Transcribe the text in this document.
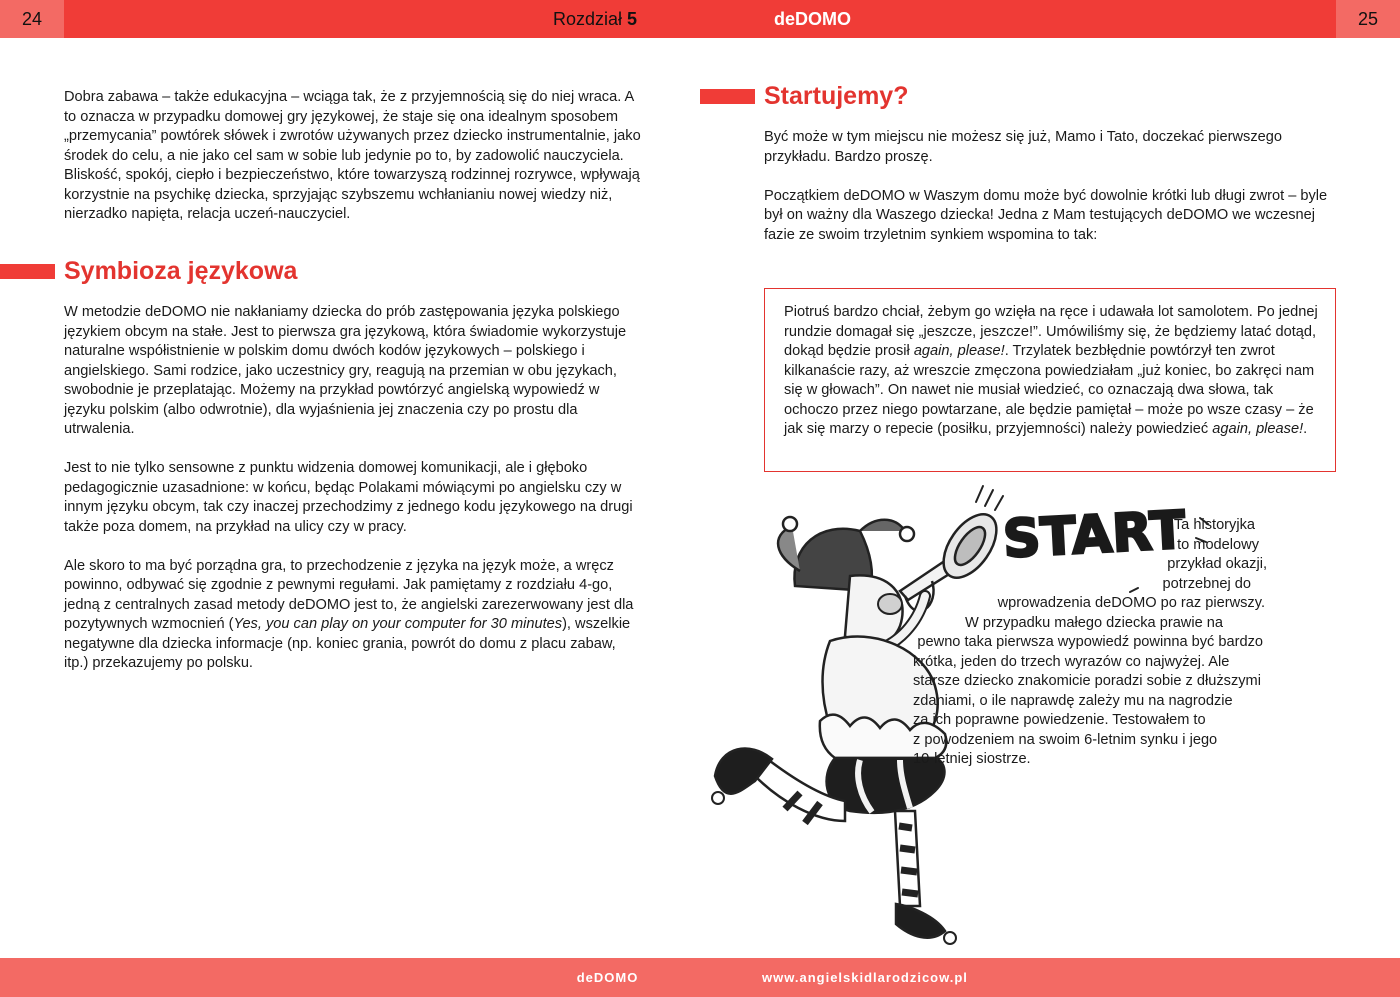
24	25
Rozdział 5	deDOMO

Dobra zabawa – także edukacyjna – wciąga tak, że z przyjemnością się do niej wraca. A to oznacza w przypadku domowej gry językowej, że staje się ona idealnym sposobem „przemycania” powtórek słówek i zwrotów używanych przez dziecko instrumentalnie, jako środek do celu, a nie jako cel sam w sobie lub jedynie po to, by zadowolić nauczyciela. Bliskość, spokój, ciepło i bezpieczeństwo, które towarzyszą rodzinnej rozrywce, wpływają korzystnie na psychikę dziecka, sprzyjając szybszemu wchłanianiu nowej wiedzy niż, nierzadko napięta, relacja uczeń-nauczyciel.

Symbioza językowa

W metodzie deDOMO nie nakłaniamy dziecka do prób zastępowania języka polskiego językiem obcym na stałe. Jest to pierwsza gra językową, która świadomie wykorzystuje naturalne współistnienie w polskim domu dwóch kodów językowych – polskiego i angielskiego. Sami rodzice, jako uczestnicy gry, reagują na przemian w obu językach, swobodnie je przeplatając. Możemy na przykład powtórzyć angielską wypowiedź w języku polskim (albo odwrotnie), dla wyjaśnienia jej znaczenia czy po prostu dla utrwalenia.

Jest to nie tylko sensowne z punktu widzenia domowej komunikacji, ale i głęboko pedagogicznie uzasadnione: w końcu, będąc Polakami mówiącymi po angielsku czy w innym języku obcym, tak czy inaczej przechodzimy z jednego kodu językowego na drugi także poza domem, na przykład na ulicy czy w pracy.

Ale skoro to ma być porządna gra, to przechodzenie z języka na język może, a wręcz powinno, odbywać się zgodnie z pewnymi regułami. Jak pamiętamy z rozdziału 4-go, jedną z centralnych zasad metody deDOMO jest to, że angielski zarezerwowany jest dla pozytywnych wzmocnień (Yes, you can play on your computer for 30 minutes), wszelkie negatywne dla dziecka informacje (np. koniec grania, powrót do domu z placu zabaw, itp.) przekazujemy po polsku.

Startujemy?

Być może w tym miejscu nie możesz się już, Mamo i Tato, doczekać pierwszego przykładu. Bardzo proszę.

Początkiem deDOMO w Waszym domu może być dowolnie krótki lub długi zwrot – byle był on ważny dla Waszego dziecka! Jedna z Mam testujących deDOMO we wczesnej fazie ze swoim trzyletnim synkiem wspomina to tak:

Piotruś bardzo chciał, żebym go wzięła na ręce i udawała lot samolotem. Po jednej rundzie domagał się „jeszcze, jeszcze!”. Umówiliśmy się, że będziemy latać dotąd, dokąd będzie prosił again, please!. Trzylatek bezbłędnie powtórzył ten zwrot kilkanaście razy, aż wreszcie zmęczona powiedziałam „już koniec, bo zakręci nam się w głowach”. On nawet nie musiał wiedzieć, co oznaczają dwa słowa, tak ochoczo przez niego powtarzane, ale będzie pamiętał – może po wsze czasy – że jak się marzy o repecie (posiłku, przyjemności) należy powiedzieć again, please!.
START
Ta historyjka
to modelowy
przykład okazji,
potrzebnej do
wprowadzenia deDOMO po raz pierwszy.
W przypadku małego dziecka prawie na
pewno taka pierwsza wypowiedź powinna być bardzo
krótka, jeden do trzech wyrazów co najwyżej. Ale
starsze dziecko znakomicie poradzi sobie z dłuższymi
zdaniami, o ile naprawdę zależy mu na nagrodzie
za ich poprawne powiedzenie. Testowałem to
z powodzeniem na swoim 6-letnim synku i jego
10-letniej siostrze.
deDOMO	www.angielskidlarodzicow.pl
